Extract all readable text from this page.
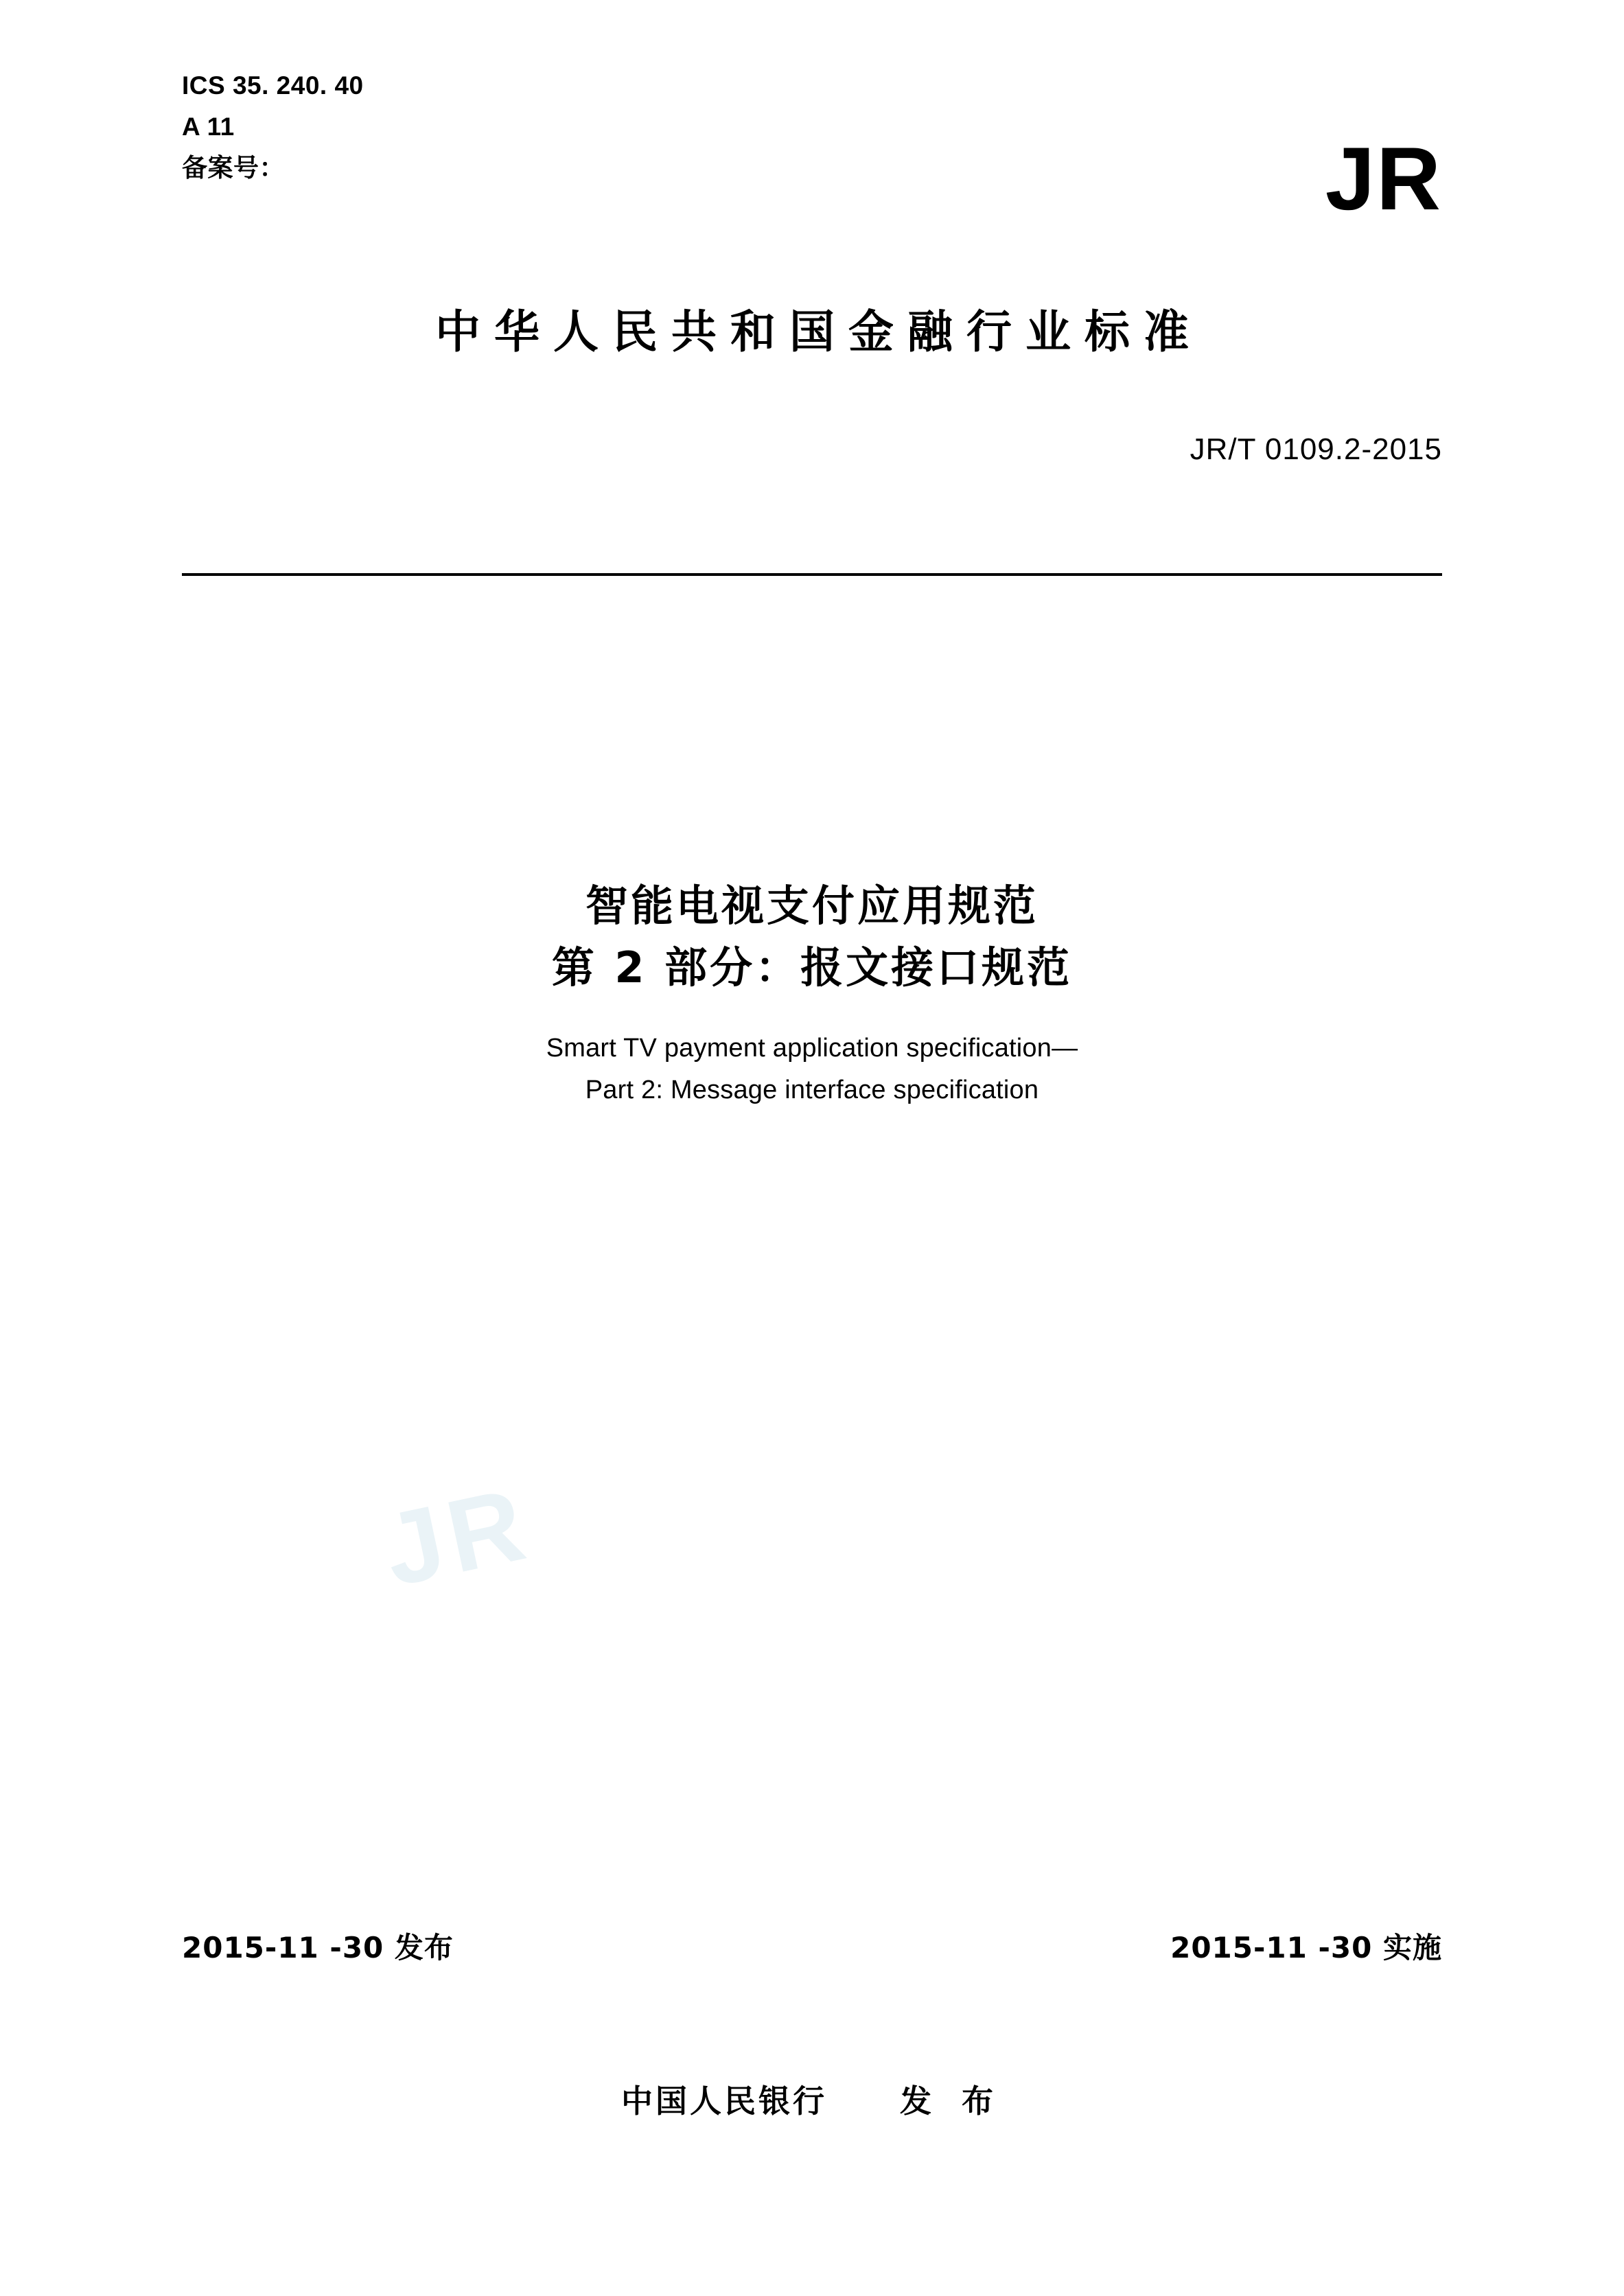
ICS 35. 240. 40
A 11
备案号：	JR
中华人民共和国金融行业标准
JR/T 0109.2-2015
智能电视支付应用规范
第 2 部分：报文接口规范
Smart TV payment application specification—
Part 2: Message interface specification
JR
2015-11 -30 发布	2015-11 -30 实施
中国人民银行 发 布
